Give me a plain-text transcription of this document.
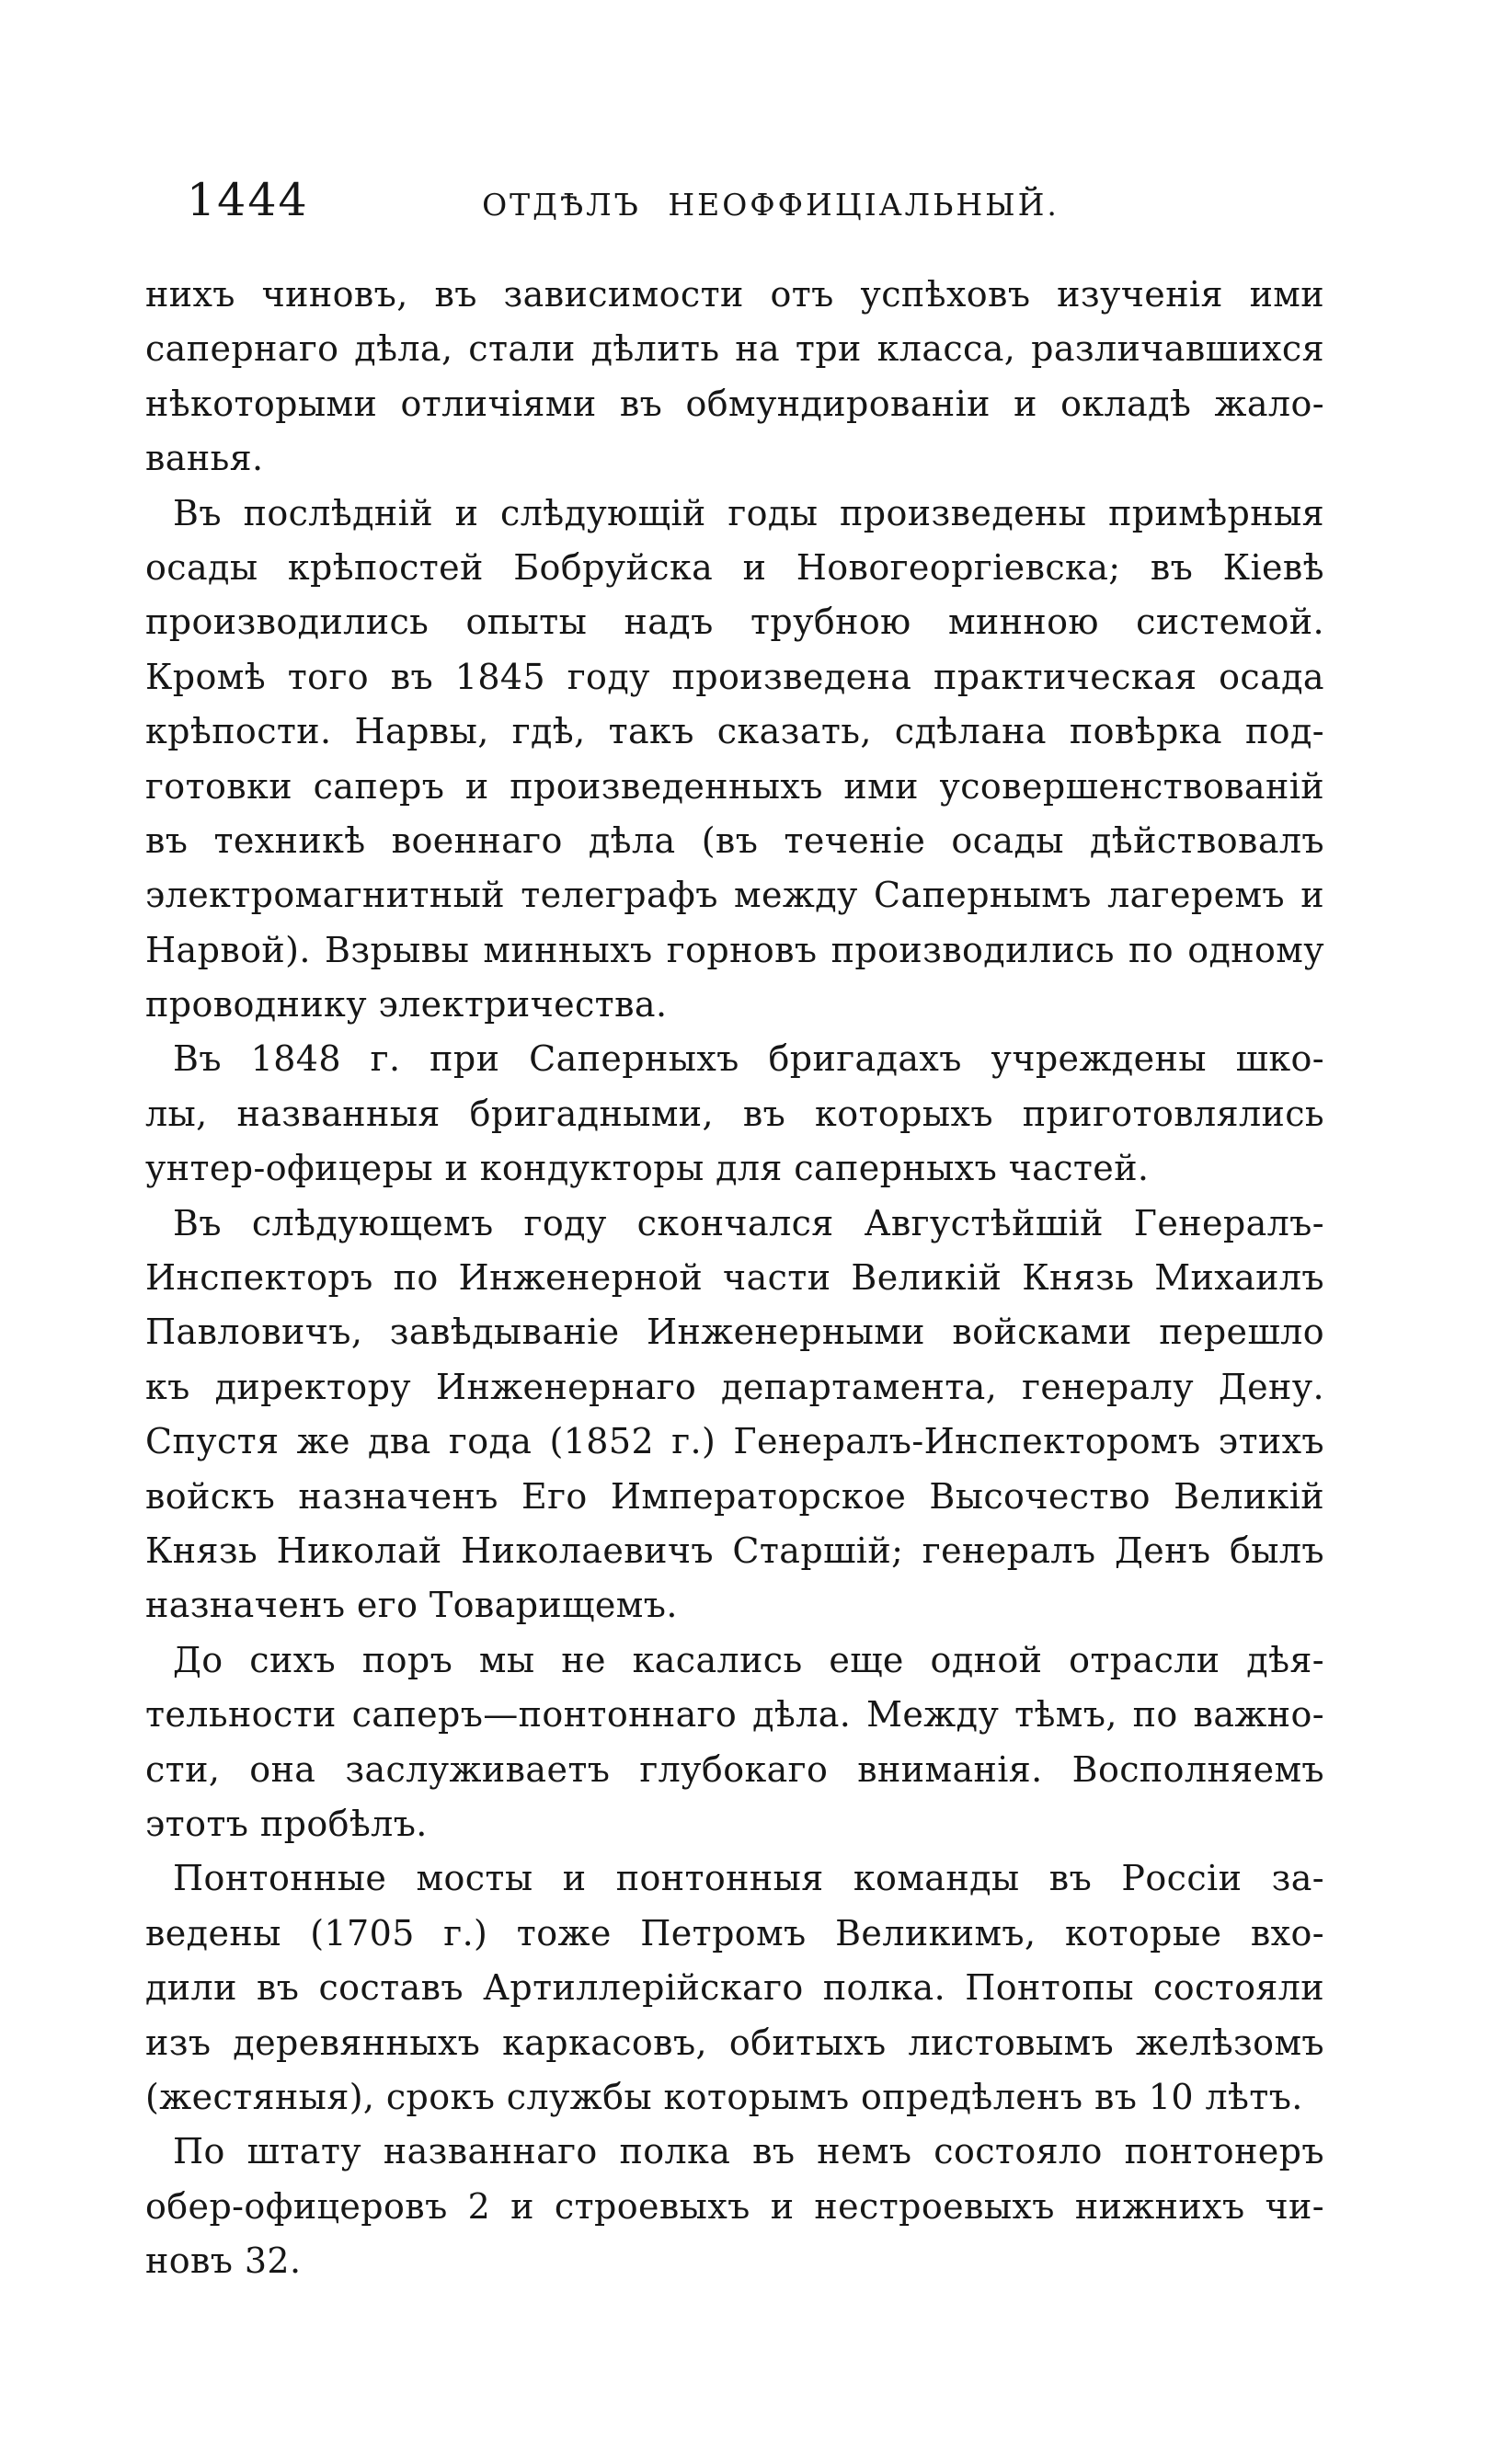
1444	ОТДѢЛЪ НЕОФФИЦІАЛЬНЫЙ.
нихъ чиновъ, въ зависимости отъ успѣховъ изученія ими
сапернаго дѣла, стали дѣлить на три класса, различавшихся
нѣкоторыми отличіями въ обмундированіи и окладѣ жало-
ванья.
Въ послѣдній и слѣдующій годы произведены примѣрныя
осады крѣпостей Бобруйска и Новогеоргіевска; въ Кіевѣ
производились опыты надъ трубною минною системой.
Кромѣ того въ 1845 году произведена практическая осада
крѣпости. Нарвы, гдѣ, такъ сказать, сдѣлана повѣрка под-
готовки саперъ и произведенныхъ ими усовершенствованій
въ техникѣ военнаго дѣла (въ теченіе осады дѣйствовалъ
электромагнитный телеграфъ между Сапернымъ лагеремъ и
Нарвой). Взрывы минныхъ горновъ производились по одному
проводнику электричества.
Въ 1848 г. при Саперныхъ бригадахъ учреждены шко-
лы, названныя бригадными, въ которыхъ приготовлялись
унтер-офицеры и кондукторы для саперныхъ частей.
Въ слѣдующемъ году скончался Августѣйшій Генералъ-
Инспекторъ по Инженерной части Великій Князь Михаилъ
Павловичъ, завѣдываніе Инженерными войсками перешло
къ директору Инженернаго департамента, генералу Дену.
Спустя же два года (1852 г.) Генералъ-Инспекторомъ этихъ
войскъ назначенъ Его Императорское Высочество Великій
Князь Николай Николаевичъ Старшій; генералъ Денъ былъ
назначенъ его Товарищемъ.
До сихъ поръ мы не касались еще одной отрасли дѣя-
тельности саперъ—понтоннаго дѣла. Между тѣмъ, по важно-
сти, она заслуживаетъ глубокаго вниманія. Восполняемъ
этотъ пробѣлъ.
Понтонные мосты и понтонныя команды въ Россіи за-
ведены (1705 г.) тоже Петромъ Великимъ, которые вхо-
дили въ составъ Артиллерійскаго полка. Понтопы состояли
изъ деревянныхъ каркасовъ, обитыхъ листовымъ желѣзомъ
(жестяныя), срокъ службы которымъ опредѣленъ въ 10 лѣтъ.
По штату названнаго полка въ немъ состояло понтонеръ
обер-офицеровъ 2 и строевыхъ и нестроевыхъ нижнихъ чи-
новъ 32.
